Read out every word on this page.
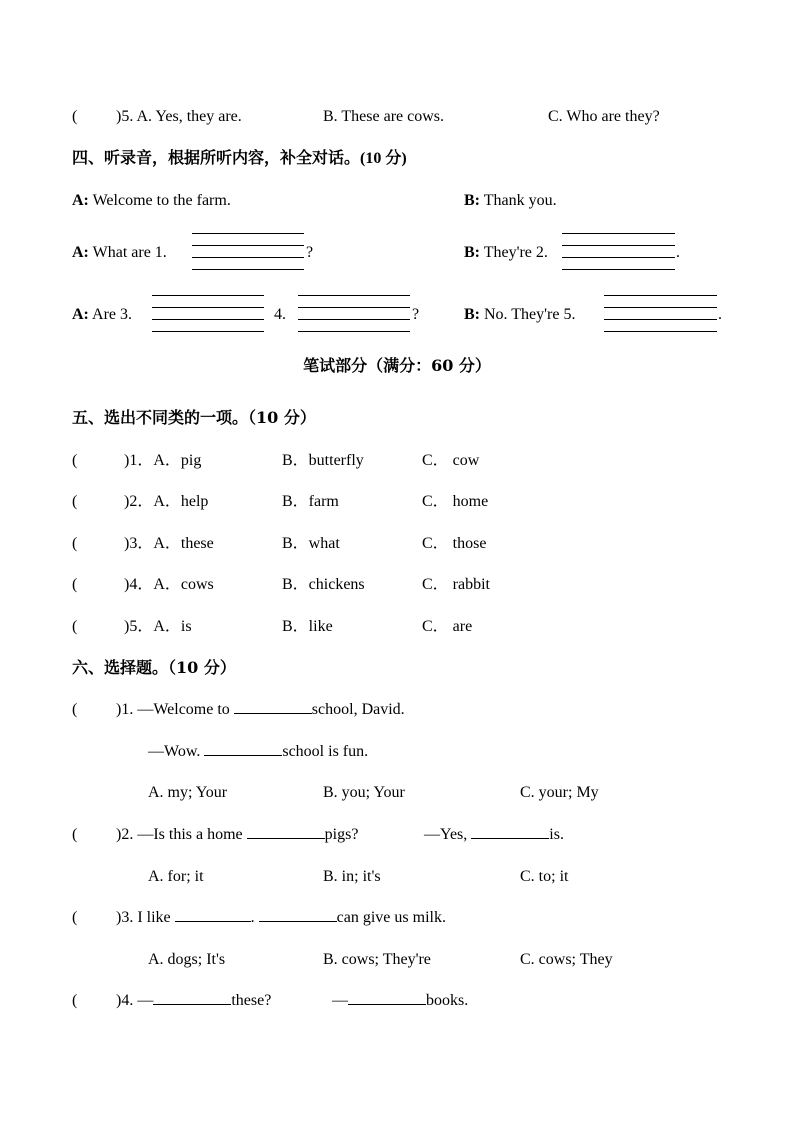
( )5. A. Yes, they are.	B. These are cows.	C. Who are they?
四、听录音，根据所听内容，补全对话。(10 分)
A: Welcome to the farm.	B: Thank you.
A: What are 1.	?	B: They're 2.	.
A: Are 3.	4.	?	B: No. They're 5.	.
笔试部分（满分：60 分）
五、选出不同类的一项。（10 分）
(	)1．A．pig	B．butterfly	C． cow
(	)2．A．help	B．farm	C． home
(	)3．A．these	B．what	C． those
(	)4．A．cows	B．chickens	C． rabbit
(	)5．A．is	B．like	C． are
六、选择题。（10 分）
( )1. —Welcome to	school, David.
—Wow.	school is fun.
A. my; Your	B. you; Your	C. your; My
( )2. —Is this a home	pigs?	—Yes,	is.
A. for; it	B. in; it's	C. to; it
( )3. I like	.	can give us milk.
A. dogs; It's	B. cows; They're	C. cows; They
( )4. —	these?	—	books.
